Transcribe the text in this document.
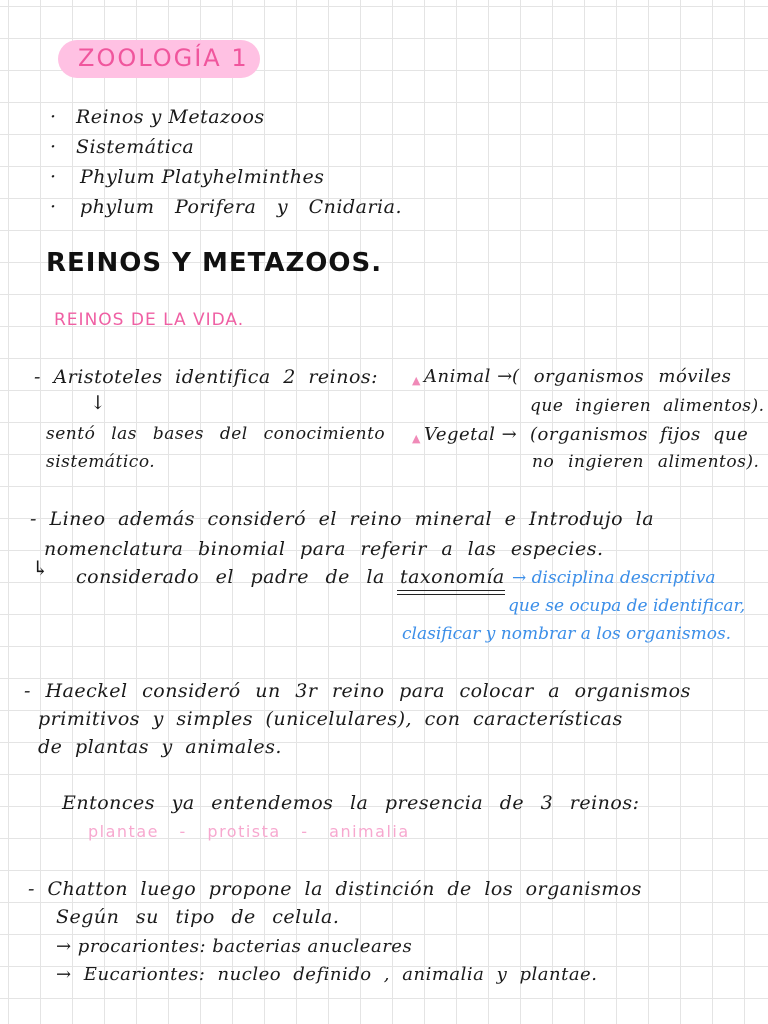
ZOOLOGÍA 1
· Reinos y Metazoos
· Sistemática
· Phylum Platyhelminthes
· phylum Porifera y Cnidaria.
REINOS Y METAZOOS.
REINOS DE LA VIDA.
- Aristoteles identifica 2 reinos:
↓
sentó las bases del conocimiento
sistemático.
▲ Animal → ( organismos móviles
que ingieren alimentos).
▲ Vegetal → (organismos fijos que
no ingieren alimentos).
- Lineo además consideró el reino mineral e Introdujo la
nomenclatura binomial para referir a las especies.
↳ considerado el padre de la taxonomía → disciplina descriptiva
que se ocupa de identificar,
clasificar y nombrar a los organismos.
- Haeckel consideró un 3r reino para colocar a organismos
primitivos y simples (unicelulares), con características
de plantas y animales.
Entonces ya entendemos la presencia de 3 reinos:
plantae - protista - animalia
- Chatton luego propone la distinción de los organismos
Según su tipo de celula.
→ procariontes: bacterias anucleares
→ Eucariontes: nucleo definido , animalia y plantae.
